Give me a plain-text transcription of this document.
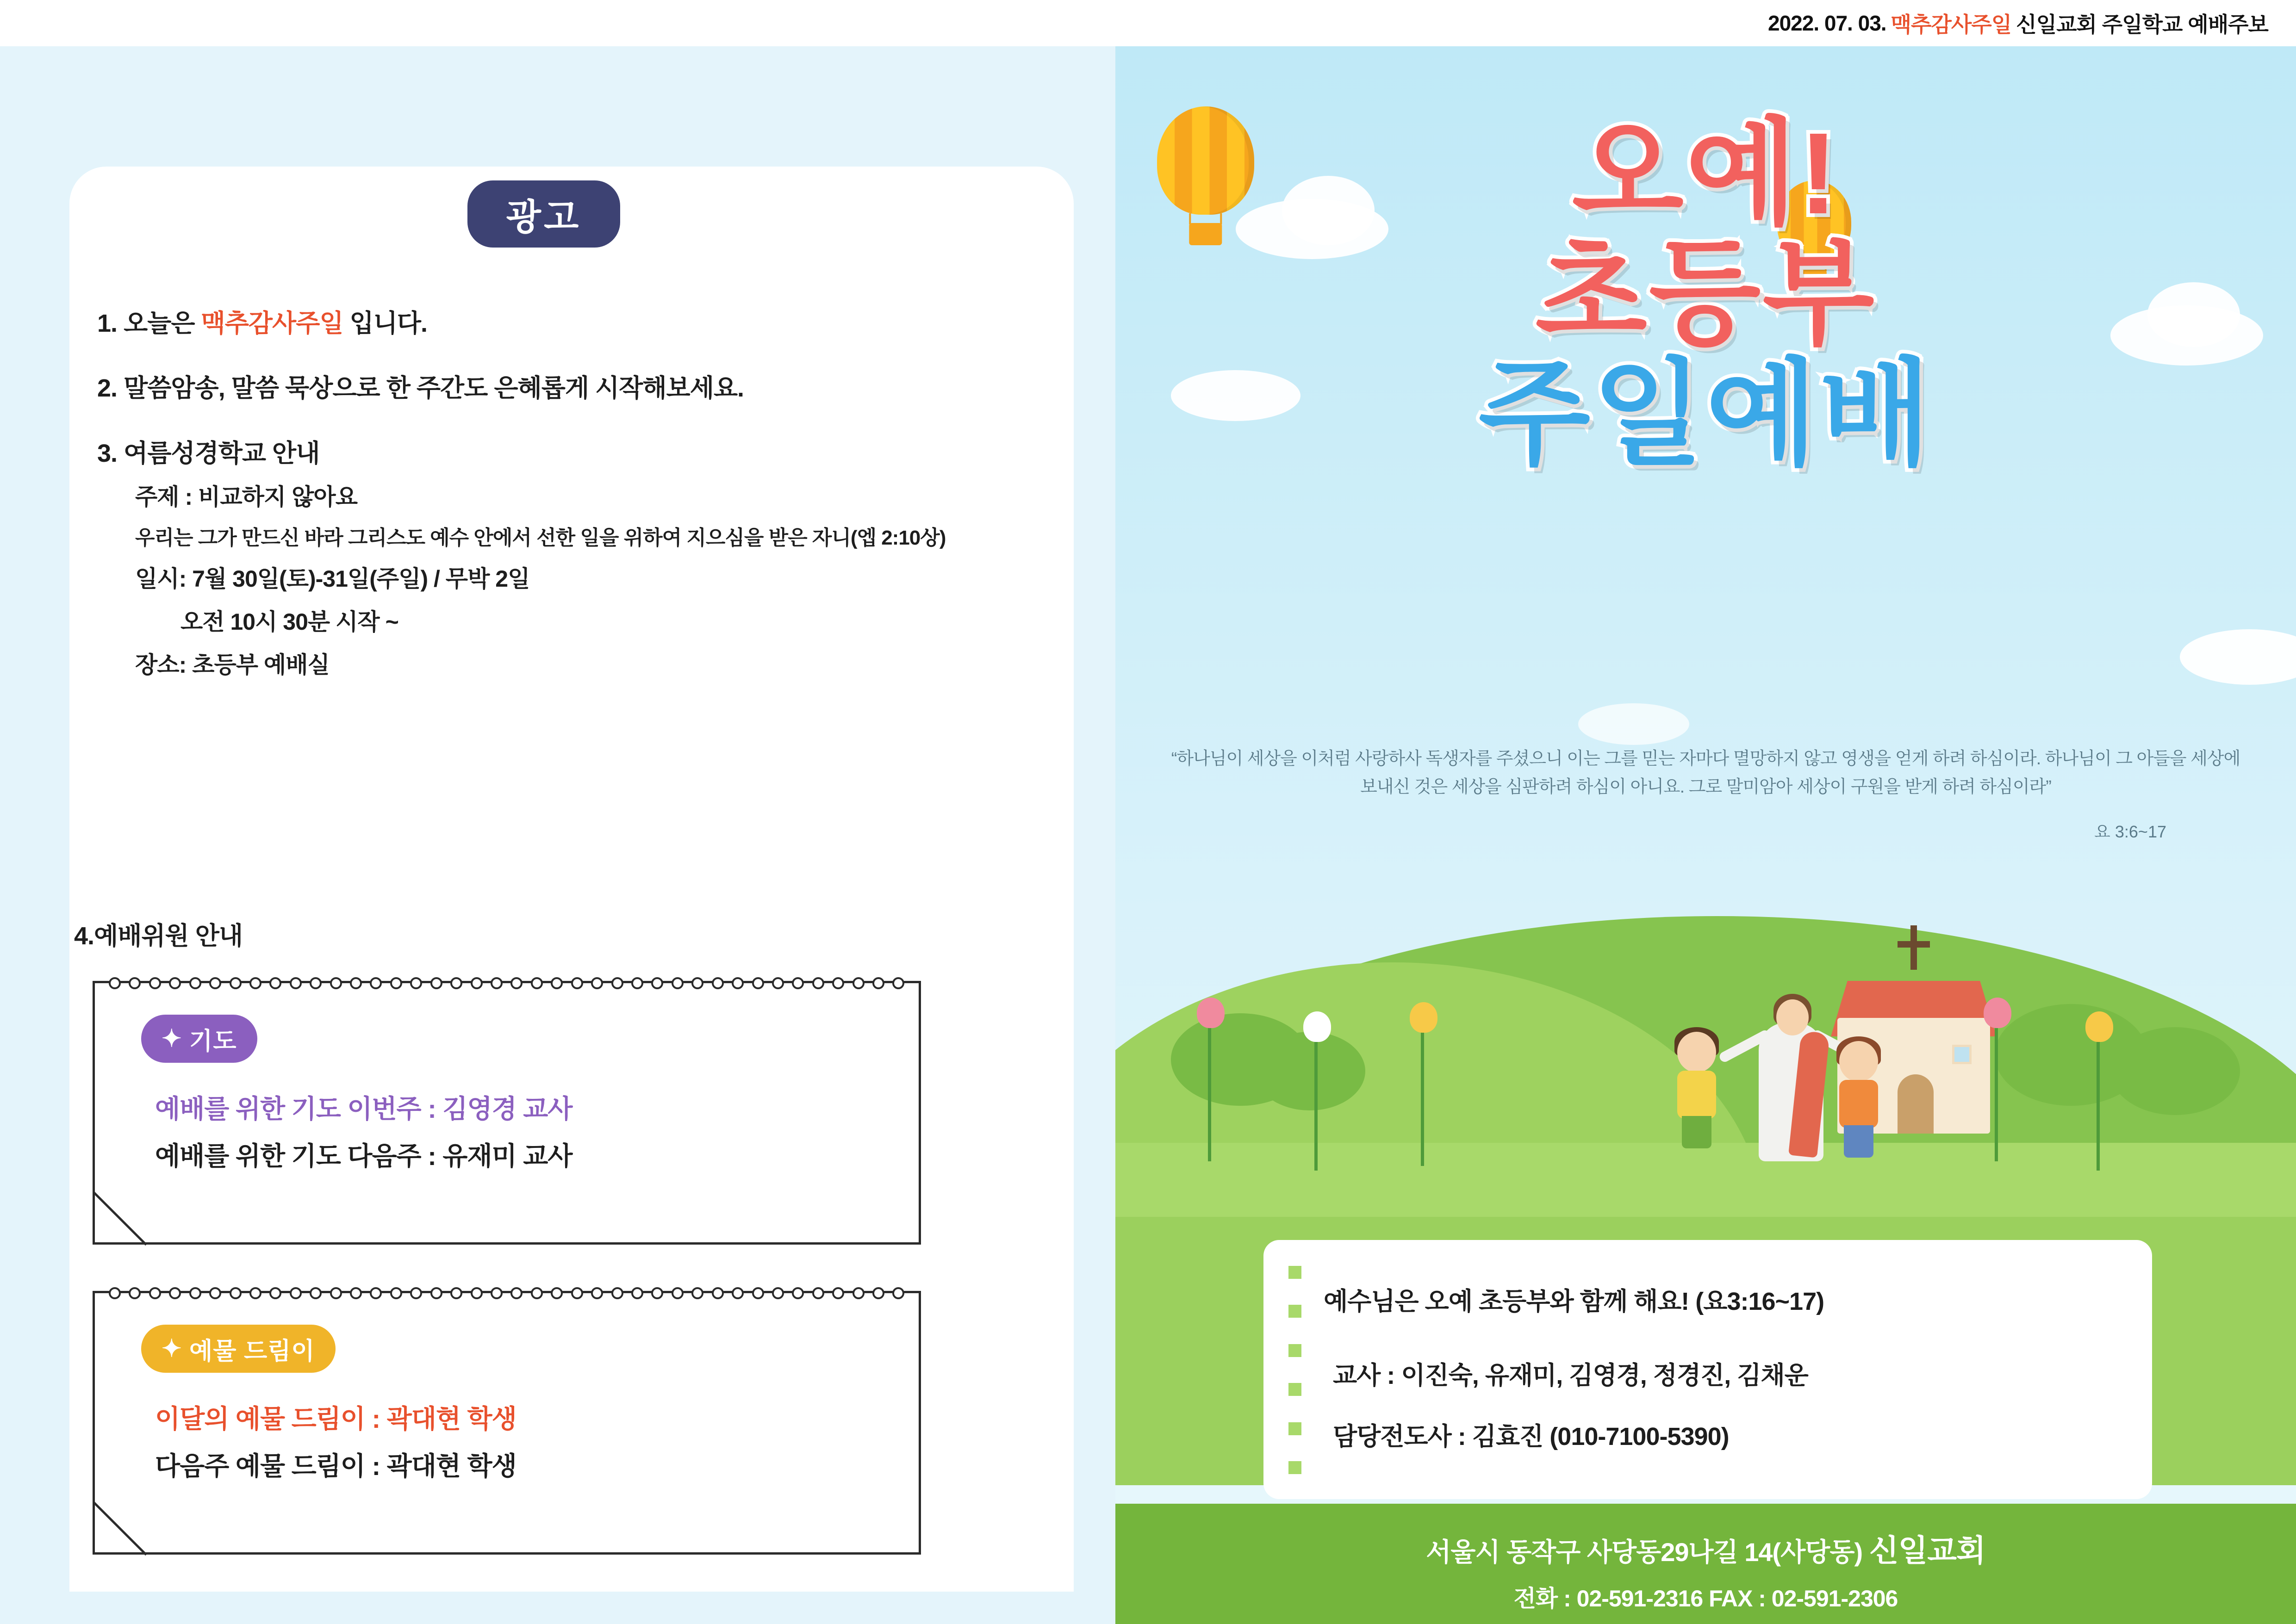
2022. 07. 03. 맥추감사주일 신일교회 주일학교 예배주보
광고
1. 오늘은 맥추감사주일 입니다.
2. 말씀암송, 말씀 묵상으로 한 주간도 은혜롭게 시작해보세요.
3. 여름성경학교 안내
주제 : 비교하지 않아요
우리는 그가 만드신 바라 그리스도 예수 안에서 선한 일을 위하여 지으심을 받은 자니(엡 2:10상)
일시: 7월 30일(토)-31일(주일) / 무박 2일
오전 10시 30분 시작 ~
장소: 초등부 예배실
4.예배위원 안내
✦
기도
예배를 위한 기도 이번주 : 김영경 교사
예배를 위한 기도 다음주 : 유재미 교사
✦
예물 드림이
이달의 예물 드림이 : 곽대현 학생
다음주 예물 드림이 : 곽대현 학생
오예!
초등부
주일예배
“하나님이 세상을 이처럼 사랑하사 독생자를 주셨으니 이는 그를 믿는 자마다 멸망하지 않고 영생을 얻게 하려 하심이라. 하나님이 그 아들을 세상에 보내신 것은 세상을 심판하려 하심이 아니요. 그로 말미암아 세상이 구원을 받게 하려 하심이라”
요 3:6~17
예수님은 오예 초등부와 함께 해요! (요3:16~17)
교사 : 이진숙, 유재미, 김영경, 정경진, 김채운
담당전도사 : 김효진 (010-7100-5390)
서울시 동작구 사당동29나길 14(사당동) 신일교회
전화 : 02-591-2316 FAX : 02-591-2306
